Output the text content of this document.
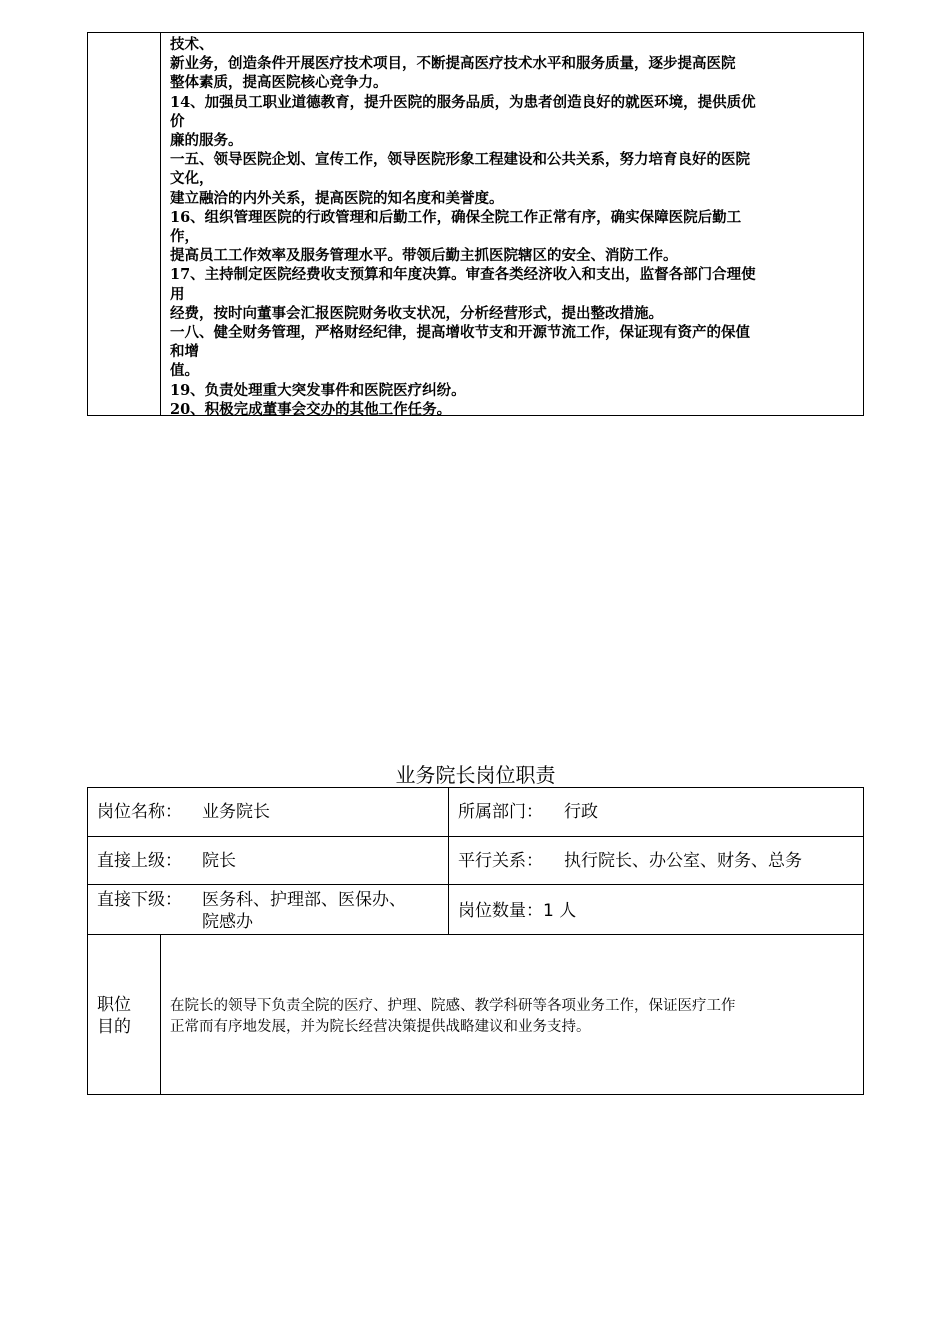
技术、
新业务，创造条件开展医疗技术项目，不断提高医疗技术水平和服务质量，逐步提高医院
整体素质，提高医院核心竞争力。
14、加强员工职业道德教育，提升医院的服务品质，为患者创造良好的就医环境，提供质优
价
廉的服务。
一五、领导医院企划、宣传工作，领导医院形象工程建设和公共关系，努力培育良好的医院
文化，
建立融洽的内外关系，提高医院的知名度和美誉度。
16、组织管理医院的行政管理和后勤工作，确保全院工作正常有序，确实保障医院后勤工
作，
提高员工工作效率及服务管理水平。带领后勤主抓医院辖区的安全、消防工作。
17、主持制定医院经费收支预算和年度决算。审查各类经济收入和支出，监督各部门合理使
用
经费，按时向董事会汇报医院财务收支状况，分析经营形式，提出整改措施。
一八、健全财务管理，严格财经纪律，提高增收节支和开源节流工作，保证现有资产的保值
和增
值。
19、负责处理重大突发事件和医院医疗纠纷。
20、积极完成董事会交办的其他工作任务。
业务院长岗位职责
岗位名称： 业务院长	所属部门： 行政
直接上级： 院长	平行关系： 执行院长、办公室、财务、总务
直接下级： 医务科、护理部、医保办、
院感办
岗位数量： 1 人
职位
目的
在院长的领导下负责全院的医疗、护理、院感、教学科研等各项业务工作，保证医疗工作
正常而有序地发展，并为院长经营决策提供战略建议和业务支持。
